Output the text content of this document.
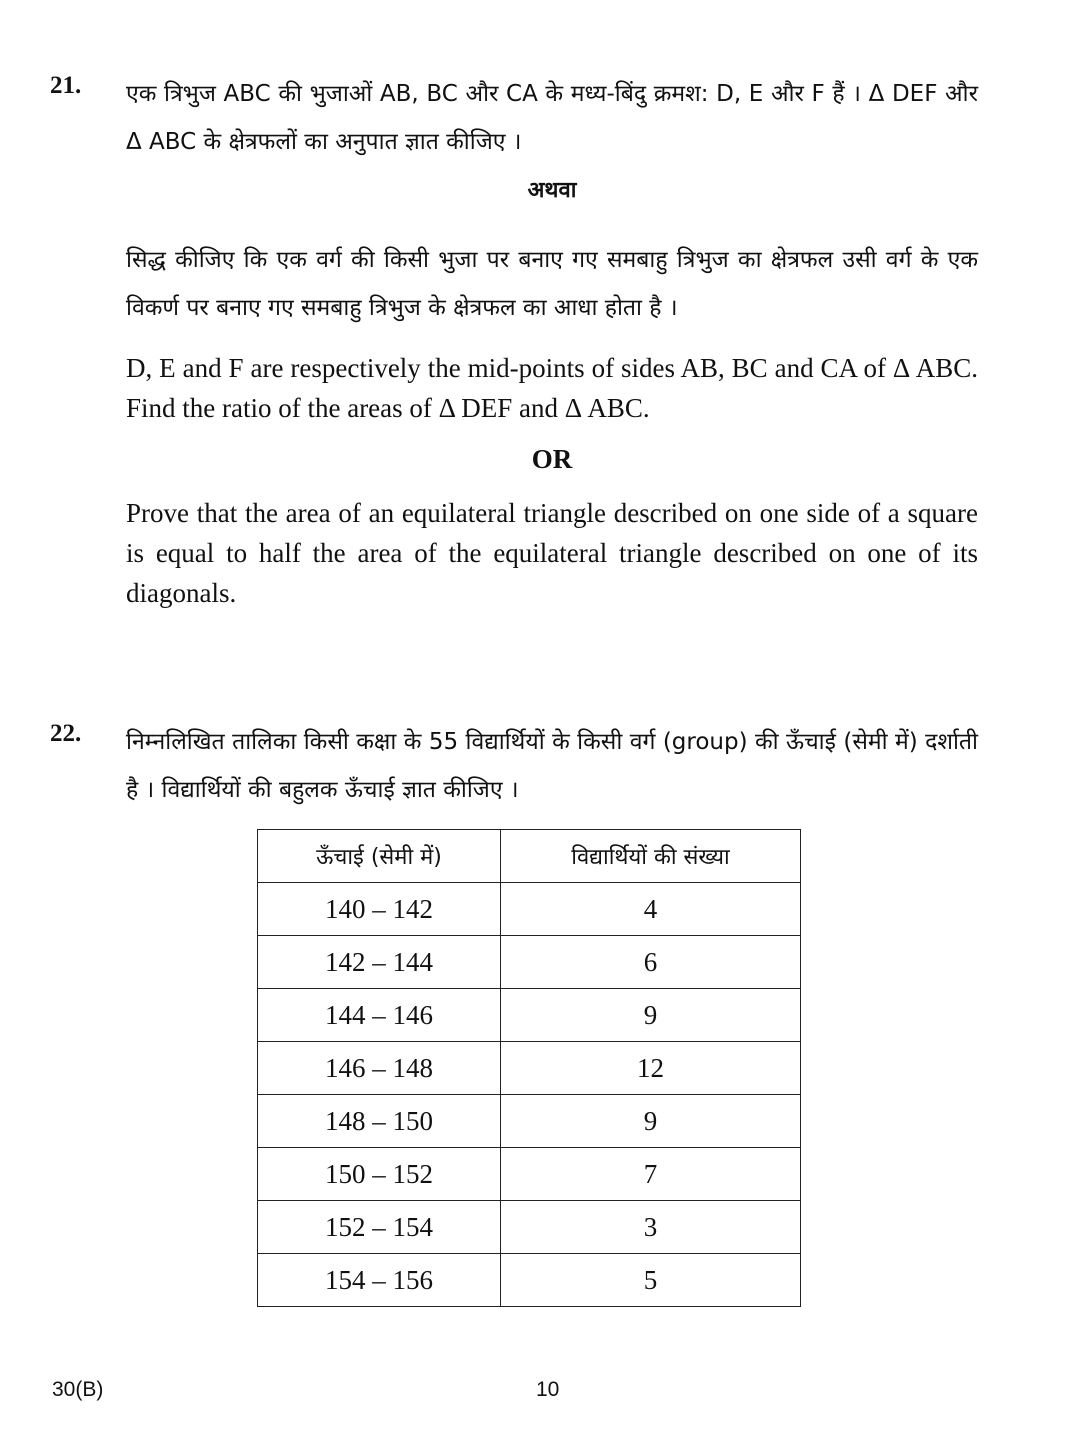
21. एक त्रिभुज ABC की भुजाओं AB, BC और CA के मध्य-बिंदु क्रमश: D, E और F हैं । Δ DEF और Δ ABC के क्षेत्रफलों का अनुपात ज्ञात कीजिए ।

अथवा

सिद्ध कीजिए कि एक वर्ग की किसी भुजा पर बनाए गए समबाहु त्रिभुज का क्षेत्रफल उसी वर्ग के एक विकर्ण पर बनाए गए समबाहु त्रिभुज के क्षेत्रफल का आधा होता है ।

D, E and F are respectively the mid-points of sides AB, BC and CA of Δ ABC. Find the ratio of the areas of Δ DEF and Δ ABC.

OR

Prove that the area of an equilateral triangle described on one side of a square is equal to half the area of the equilateral triangle described on one of its diagonals.

22. निम्नलिखित तालिका किसी कक्षा के 55 विद्यार्थियों के किसी वर्ग (group) की ऊँचाई (सेमी में) दर्शाती है । विद्यार्थियों की बहुलक ऊँचाई ज्ञात कीजिए ।

ऊँचाई (सेमी में)	विद्यार्थियों की संख्या
140 – 142	4
142 – 144	6
144 – 146	9
146 – 148	12
148 – 150	9
150 – 152	7
152 – 154	3
154 – 156	5
30(B)	10
